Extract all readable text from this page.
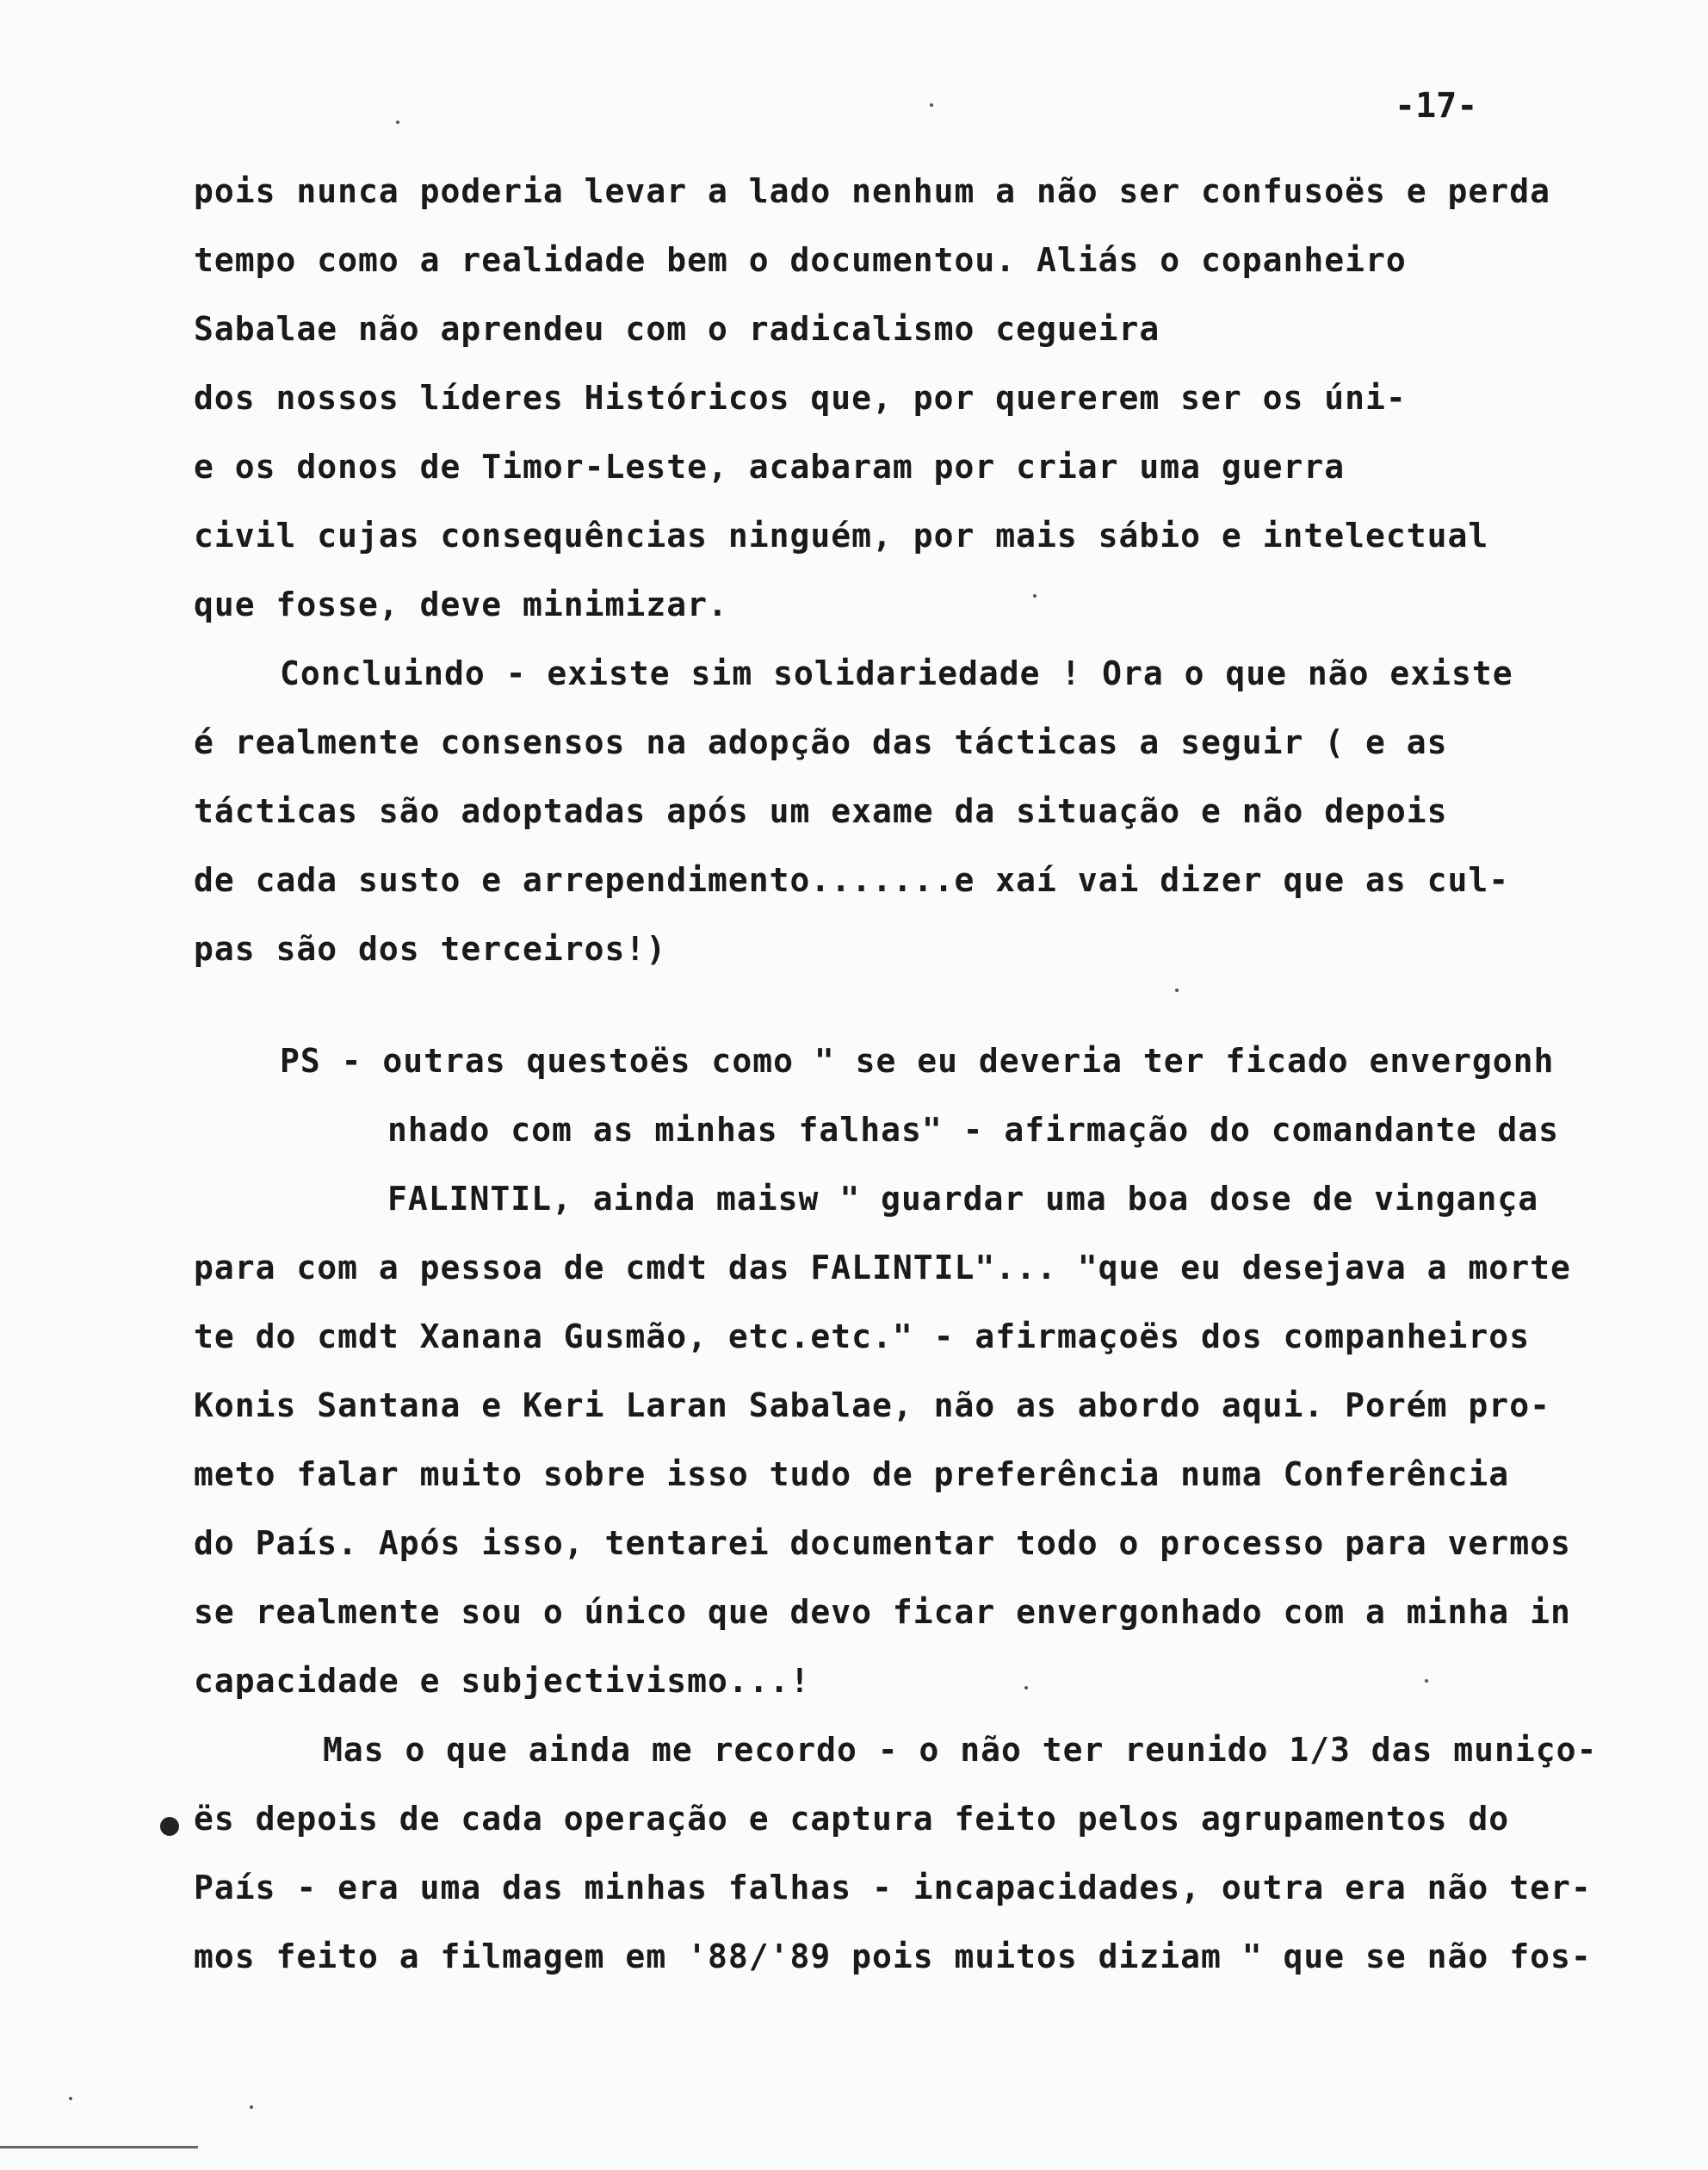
-17-
pois nunca poderia levar a lado nenhum a não ser confusoës e perda
tempo como a realidade bem o documentou. Aliás o copanheiro
Sabalae não aprendeu com o radicalismo cegueira
dos nossos líderes Históricos que, por quererem ser os úni-
e os donos de Timor-Leste, acabaram por criar uma guerra
civil cujas consequências ninguém, por mais sábio e intelectual
que fosse, deve minimizar.
Concluindo - existe sim solidariedade ! Ora o que não existe
é realmente consensos na adopção das tácticas a seguir ( e as
tácticas são adoptadas após um exame da situação e não depois
de cada susto e arrependimento.......e xaí vai dizer que as cul-
pas são dos terceiros!)
PS - outras questoës como " se eu deveria ter ficado envergonh
nhado com as minhas falhas" - afirmação do comandante das
FALINTIL, ainda maisw " guardar uma boa dose de vingança
para com a pessoa de cmdt das FALINTIL"... "que eu desejava a morte
te do cmdt Xanana Gusmão, etc.etc." - afirmaçoës dos companheiros
Konis Santana e Keri Laran Sabalae, não as abordo aqui. Porém pro-
meto falar muito sobre isso tudo de preferência numa Conferência
do País. Após isso, tentarei documentar todo o processo para vermos
se realmente sou o único que devo ficar envergonhado com a minha in
capacidade e subjectivismo...!
Mas o que ainda me recordo - o não ter reunido 1/3 das muniço-
ës depois de cada operação e captura feito pelos agrupamentos do
País - era uma das minhas falhas - incapacidades, outra era não ter-
mos feito a filmagem em '88/'89 pois muitos diziam " que se não fos-
